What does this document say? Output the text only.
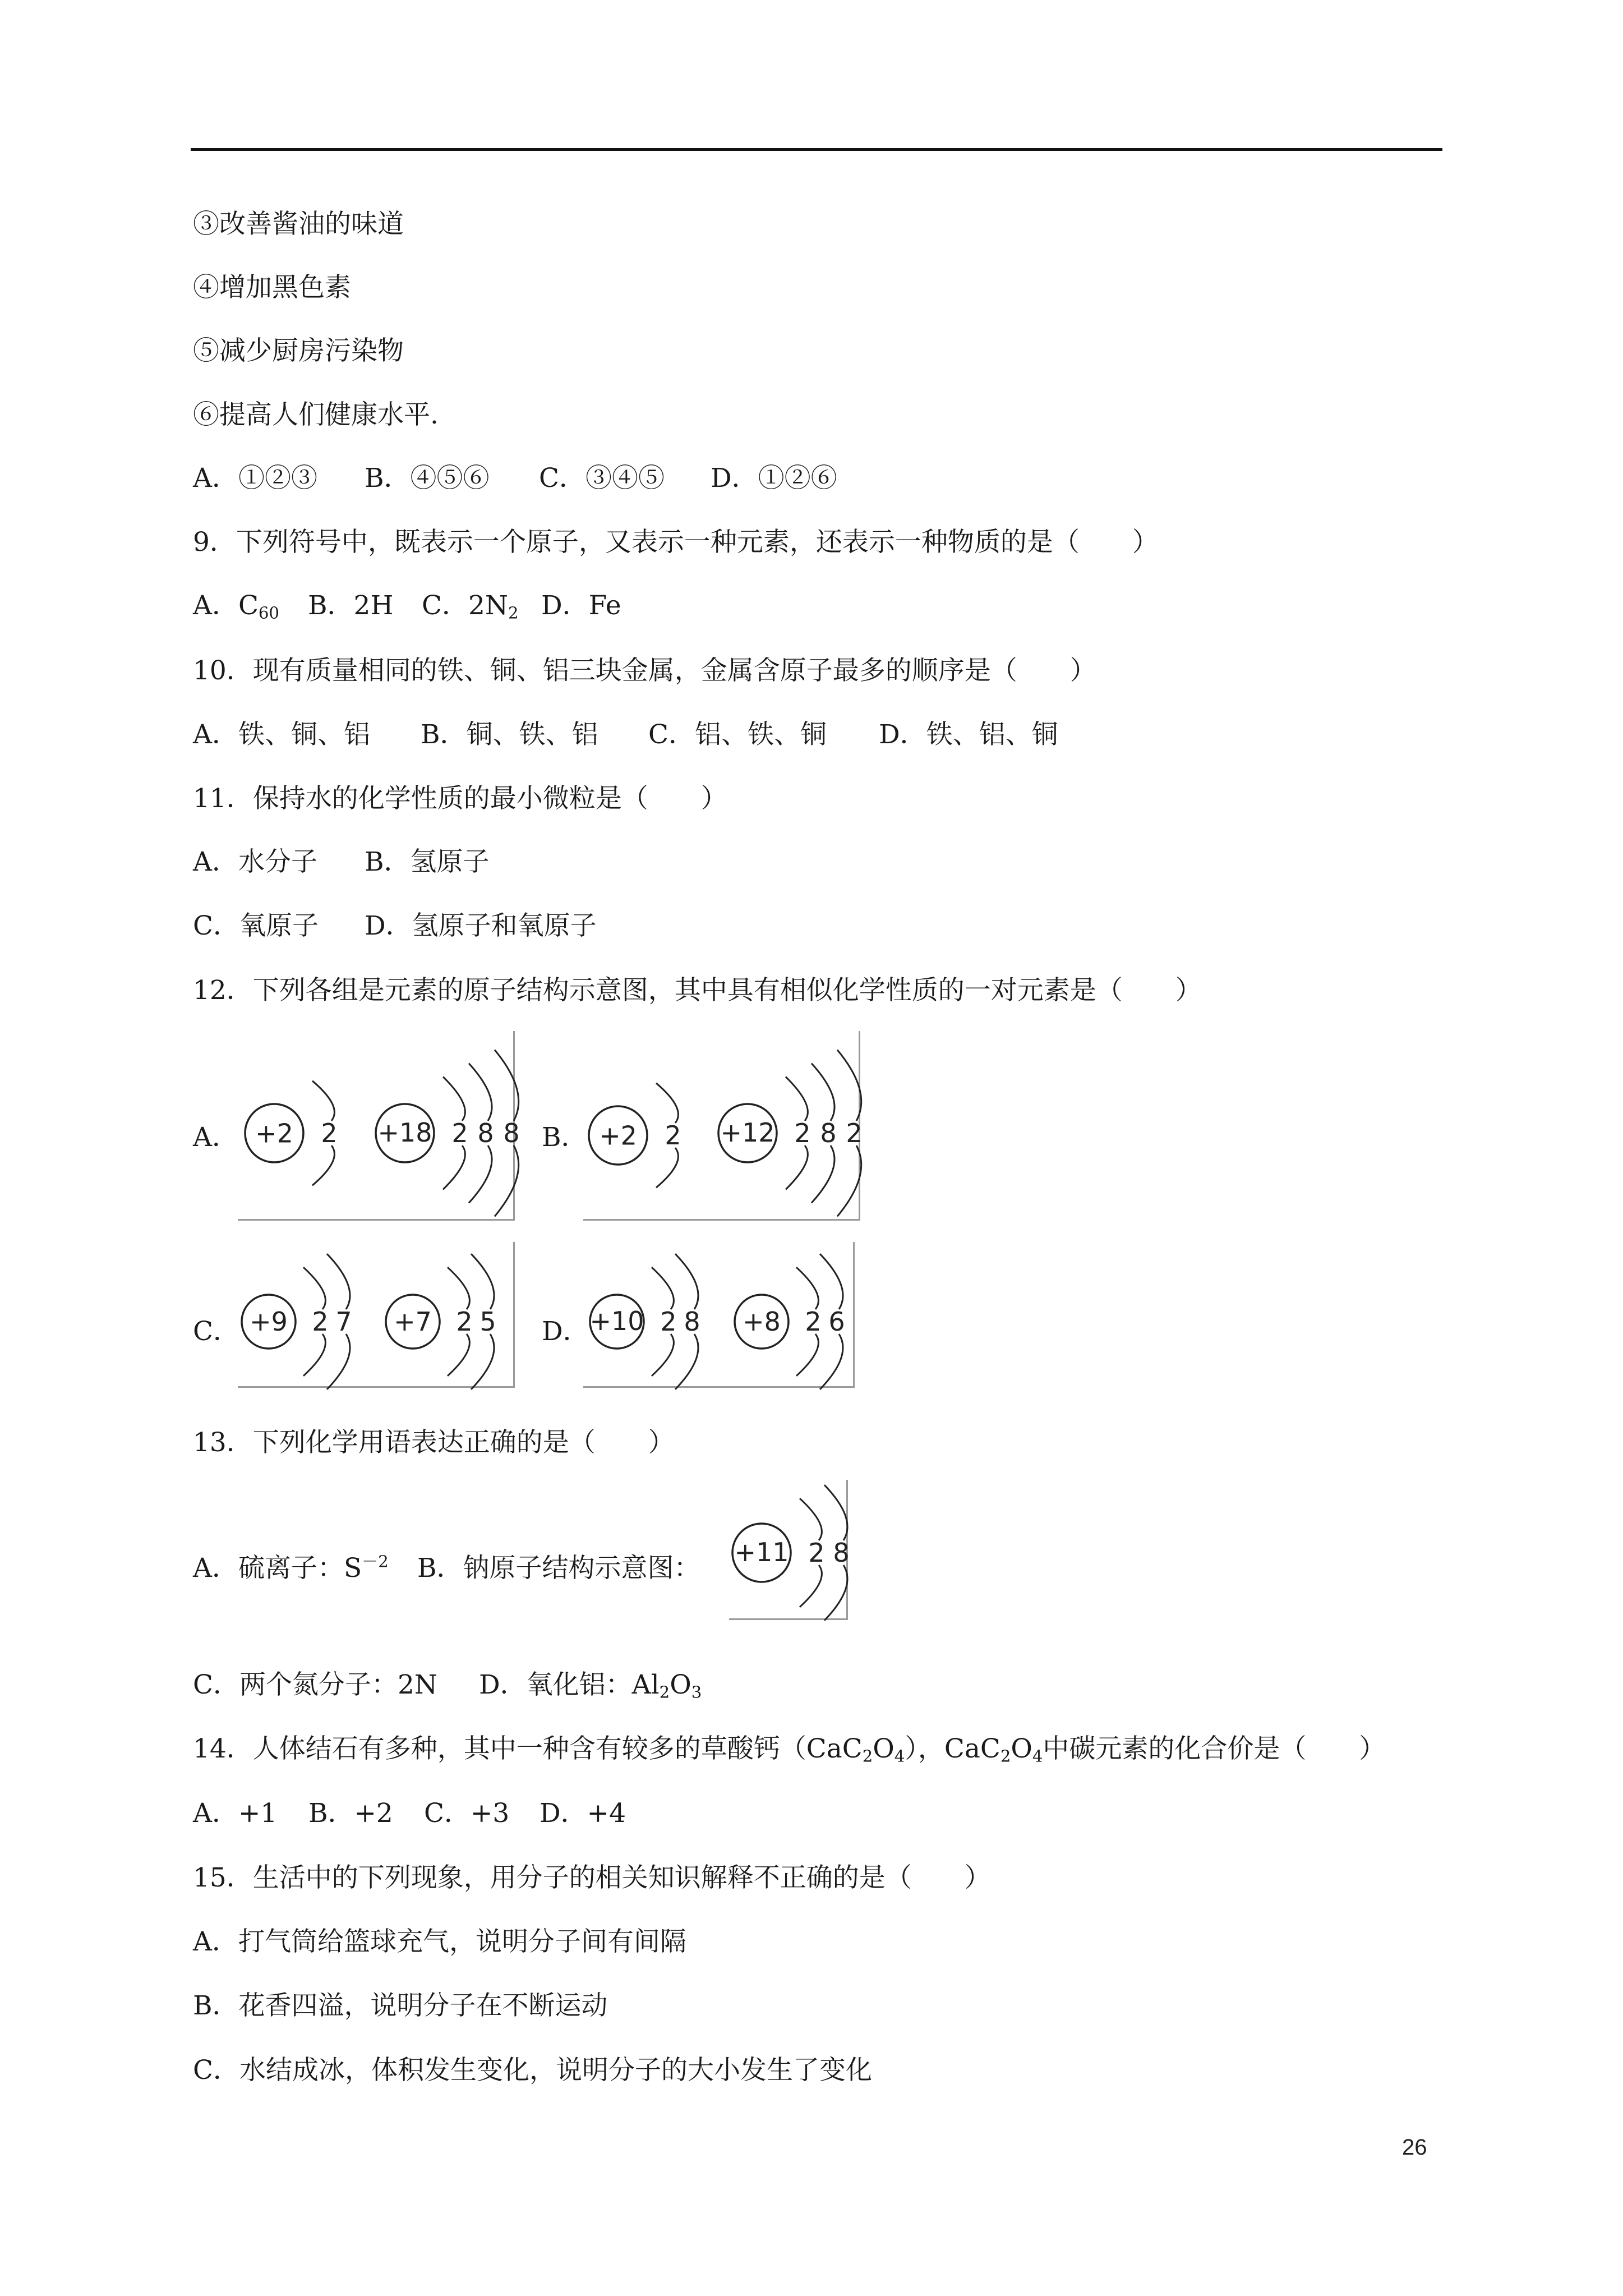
③改善酱油的味道
④增加黑色素
⑤减少厨房污染物
⑥提高人们健康水平.
A．①②③ B．④⑤⑥ C．③④⑤ D．①②⑥
9．下列符号中，既表示一个原子，又表示一种元素，还表示一种物质的是（　　）
A．$C_{60}$ B．2H C．$2N_2$ D．Fe
10．现有质量相同的铁、铜、铝三块金属，金属含原子最多的顺序是（　　）
A．铁、铜、铝 B．铜、铁、铝 C．铝、铁、铜 D．铁、铝、铜
11．保持水的化学性质的最小微粒是（　　）
A．水分子 B．氢原子
C．氧原子 D．氢原子和氧原子
12．下列各组是元素的原子结构示意图，其中具有相似化学性质的一对元素是（　　）
A． +2 2 +18 2 8 8 B． +2 2 +12 2 8 2
C． +9 2 7 +7 2 5 D． +10 2 8 +8 2 6
13．下列化学用语表达正确的是（　　）
A．硫离子：$S^{-2}$ B．钠原子结构示意图：
+11 2 8
C．两个氮分子：2N D．氧化铝：$Al_2O_3$
14．人体结石有多种，其中一种含有较多的草酸钙$(CaC_2O_4)$，$CaC_2O_4$中碳元素的化合价是（　　）
A．+1 B．+2 C．+3 D．+4
15．生活中的下列现象，用分子的相关知识解释不正确的是（　　）
A．打气筒给篮球充气，说明分子间有间隔
B．花香四溢，说明分子在不断运动
C．水结成冰，体积发生变化，说明分子的大小发生了变化
26
